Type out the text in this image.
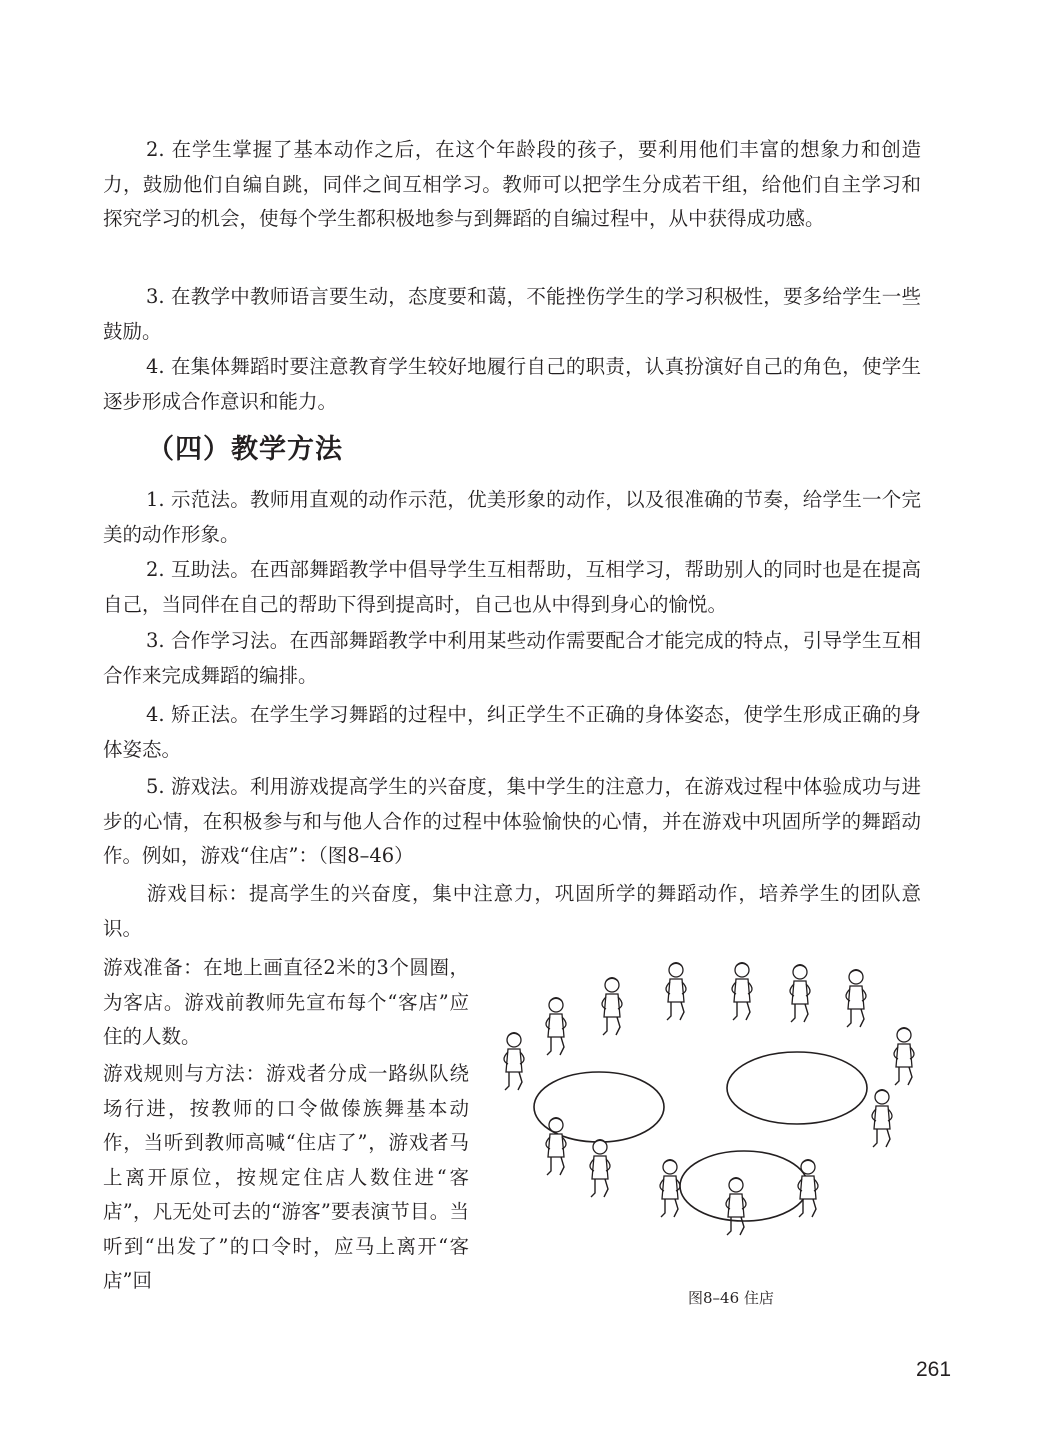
2. 在学生掌握了基本动作之后，在这个年龄段的孩子，要利用他们丰富的想象力和创造力，鼓励他们自编自跳，同伴之间互相学习。教师可以把学生分成若干组，给他们自主学习和探究学习的机会，使每个学生都积极地参与到舞蹈的自编过程中，从中获得成功感。

3. 在教学中教师语言要生动，态度要和蔼，不能挫伤学生的学习积极性，要多给学生一些鼓励。

4. 在集体舞蹈时要注意教育学生较好地履行自己的职责，认真扮演好自己的角色，使学生逐步形成合作意识和能力。

（四）教学方法

1. 示范法。教师用直观的动作示范，优美形象的动作，以及很准确的节奏，给学生一个完美的动作形象。

2. 互助法。在西部舞蹈教学中倡导学生互相帮助，互相学习，帮助别人的同时也是在提高自己，当同伴在自己的帮助下得到提高时，自己也从中得到身心的愉悦。

3. 合作学习法。在西部舞蹈教学中利用某些动作需要配合才能完成的特点，引导学生互相合作来完成舞蹈的编排。

4. 矫正法。在学生学习舞蹈的过程中，纠正学生不正确的身体姿态，使学生形成正确的身体姿态。

5. 游戏法。利用游戏提高学生的兴奋度，集中学生的注意力，在游戏过程中体验成功与进步的心情，在积极参与和与他人合作的过程中体验愉快的心情，并在游戏中巩固所学的舞蹈动作。例如，游戏“住店”：（图8–46）

游戏目标：提高学生的兴奋度，集中注意力，巩固所学的舞蹈动作，培养学生的团队意识。

游戏准备：在地上画直径2米的3个圆圈，为客店。游戏前教师先宣布每个“客店”应住的人数。

游戏规则与方法：游戏者分成一路纵队绕场行进，按教师的口令做傣族舞基本动作，当听到教师高喊“住店了”，游戏者马上离开原位，按规定住店人数住进“客店”，凡无处可去的“游客”要表演节目。当听到“出发了”的口令时，应马上离开“客店”回

图8–46 住店
261
